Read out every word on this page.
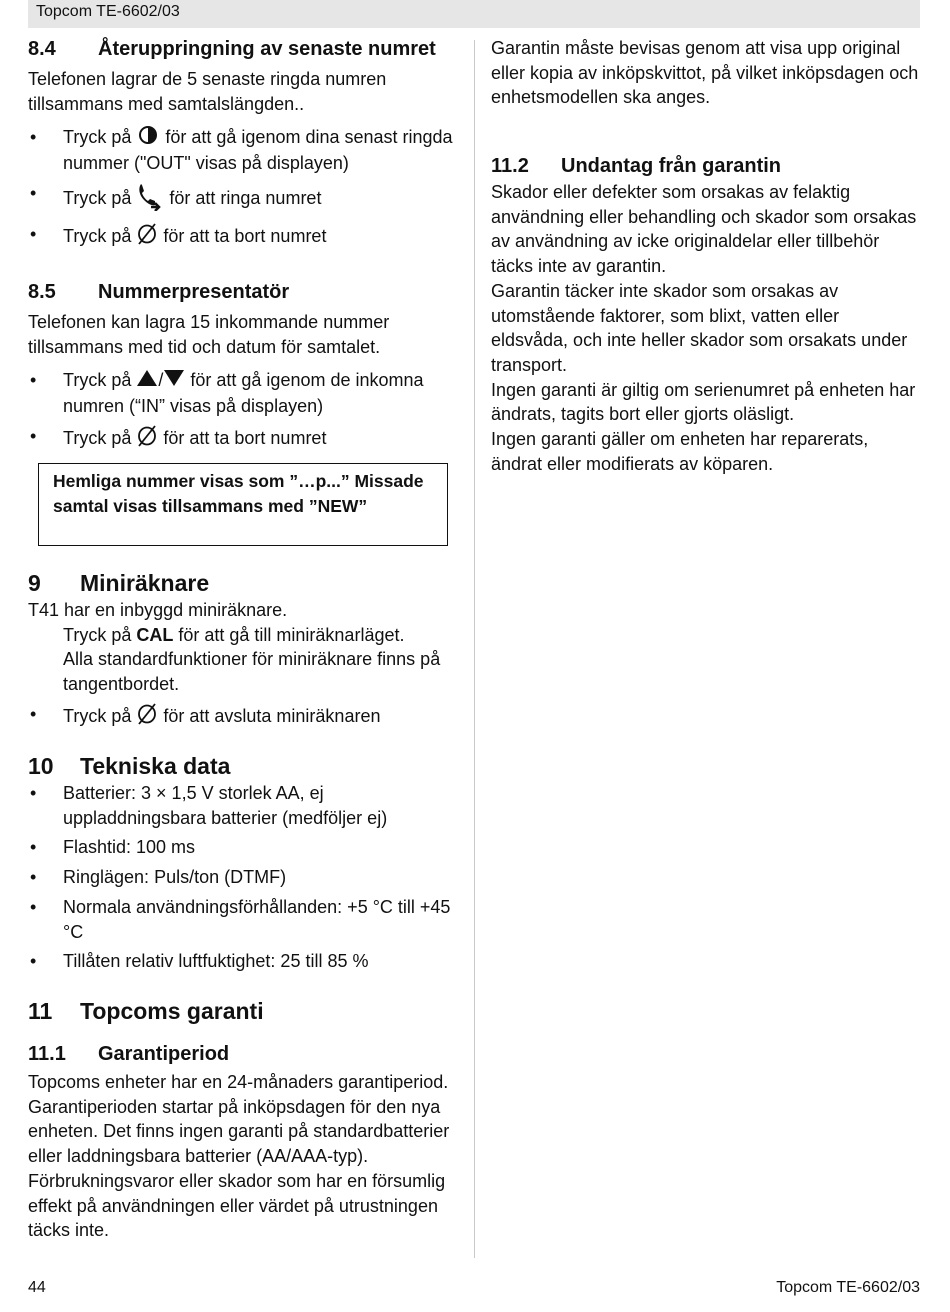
Topcom TE-6602/03
8.4	Återuppringning av senaste numret

Telefonen lagrar de 5 senaste ringda numren tillsammans med samtalslängden..

• Tryck på för att gå igenom dina senast ringda nummer ("OUT" visas på displayen)
• Tryck på för att ringa numret
• Tryck på för att ta bort numret
8.5	Nummerpresentatör

Telefonen kan lagra 15 inkommande nummer tillsammans med tid och datum för samtalet.

• Tryck på / för att gå igenom de inkomna numren (“IN” visas på displayen)
• Tryck på för att ta bort numret
Hemliga nummer visas som ”…p...” Missade samtal visas tillsammans med ”NEW”
9	Miniräknare

T41 har en inbyggd miniräknare.

Tryck på CAL för att gå till miniräknarläget.
Alla standardfunktioner för miniräknare finns på tangentbordet.
• Tryck på för att avsluta miniräknaren
10	Tekniska data
• Batterier: 3 × 1,5 V storlek AA, ej uppladdningsbara batterier (medföljer ej)
• Flashtid: 100 ms
• Ringlägen: Puls/ton (DTMF)
• Normala användningsförhållanden: +5 °C till +45 °C
• Tillåten relativ luftfuktighet: 25 till 85 %
11	Topcoms garanti
11.1	Garantiperiod

Topcoms enheter har en 24-månaders garantiperiod. Garantiperioden startar på inköpsdagen för den nya enheten. Det finns ingen garanti på standardbatterier eller laddningsbara batterier (AA/AAA-typ). Förbrukningsvaror eller skador som har en försumlig effekt på användningen eller värdet på utrustningen täcks inte.

Garantin måste bevisas genom att visa upp original eller kopia av inköpskvittot, på vilket inköpsdagen och enhetsmodellen ska anges.

11.2	Undantag från garantin

Skador eller defekter som orsakas av felaktig användning eller behandling och skador som orsakas av användning av icke originaldelar eller tillbehör täcks inte av garantin.

Garantin täcker inte skador som orsakas av utomstående faktorer, som blixt, vatten eller eldsvåda, och inte heller skador som orsakats under transport.

Ingen garanti är giltig om serienumret på enheten har ändrats, tagits bort eller gjorts oläsligt.

Ingen garanti gäller om enheten har reparerats, ändrat eller modifierats av köparen.

44	Topcom TE-6602/03
